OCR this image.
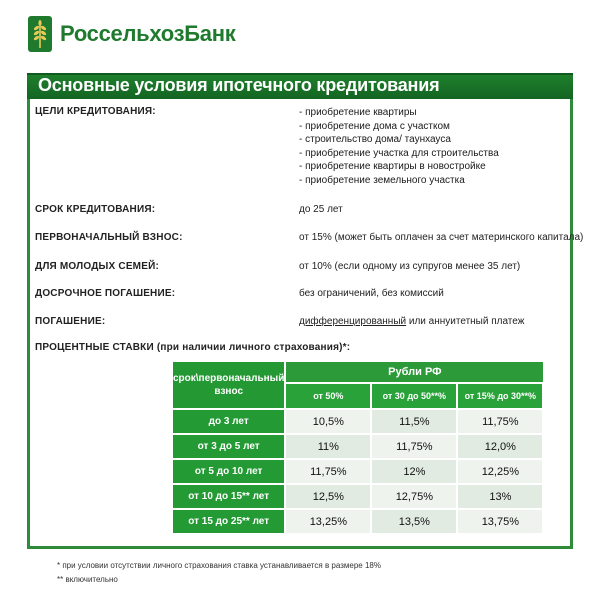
РоссельхозБанк
Основные условия ипотечного кредитования
ЦЕЛИ КРЕДИТОВАНИЯ:	- приобретение квартиры
- приобретение дома с участком
- строительство дома/ таунхауса
- приобретение участка для строительства
- приобретение квартиры в новостройке
- приобретение земельного участка
СРОК КРЕДИТОВАНИЯ:	до 25 лет
ПЕРВОНАЧАЛЬНЫЙ ВЗНОС:	от 15% (может быть оплачен за счет материнского капитала)
ДЛЯ МОЛОДЫХ СЕМЕЙ:	от 10% (если одному из супругов менее 35 лет)
ДОСРОЧНОЕ ПОГАШЕНИЕ:	без ограничений, без комиссий
ПОГАШЕНИЕ:	дифференцированный или аннуитетный платеж
ПРОЦЕНТНЫЕ СТАВКИ (при наличии личного страхования)*:
срок\первоначальный взнос	Рубли РФ		
	от 50%	от 30 до 50**%	от 15% до 30**%
до 3 лет	10,5%	11,5%	11,75%
от 3 до 5 лет	11%	11,75%	12,0%
от 5 до 10 лет	11,75%	12%	12,25%
от 10 до 15** лет	12,5%	12,75%	13%
от 15 до 25** лет	13,25%	13,5%	13,75%
* при условии отсутствии личного страхования ставка устанавливается в размере 18%
** включительно
